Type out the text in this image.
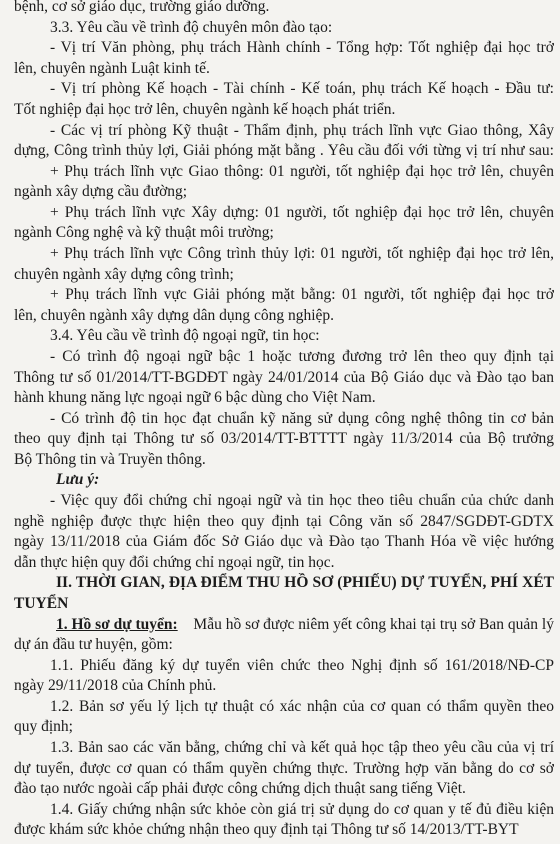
bệnh, cơ sở giáo dục, trường giáo dưỡng.
3.3. Yêu cầu về trình độ chuyên môn đào tạo:
- Vị trí Văn phòng, phụ trách Hành chính - Tổng hợp: Tốt nghiệp đại học trở
lên, chuyên ngành Luật kinh tế.
- Vị trí phòng Kế hoạch - Tài chính - Kế toán, phụ trách Kế hoạch - Đầu tư:
Tốt nghiệp đại học trở lên, chuyên ngành kế hoạch phát triển.
- Các vị trí phòng Kỹ thuật - Thẩm định, phụ trách lĩnh vực Giao thông, Xây
dựng, Công trình thủy lợi, Giải phóng mặt bằng . Yêu cầu đối với từng vị trí như sau:
+ Phụ trách lĩnh vực Giao thông: 01 người, tốt nghiệp đại học trở lên, chuyên
ngành xây dựng cầu đường;
+ Phụ trách lĩnh vực Xây dựng: 01 người, tốt nghiệp đại học trở lên, chuyên
ngành Công nghệ và kỹ thuật môi trường;
+ Phụ trách lĩnh vực Công trình thủy lợi: 01 người, tốt nghiệp đại học trở lên,
chuyên ngành xây dựng công trình;
+ Phụ trách lĩnh vực Giải phóng mặt bằng: 01 người, tốt nghiệp đại học trở
lên, chuyên ngành xây dựng dân dụng công nghiệp.
3.4. Yêu cầu về trình độ ngoại ngữ, tin học:
- Có trình độ ngoại ngữ bậc 1 hoặc tương đương trở lên theo quy định tại
Thông tư số 01/2014/TT-BGDĐT ngày 24/01/2014 của Bộ Giáo dục và Đào tạo ban
hành khung năng lực ngoại ngữ 6 bậc dùng cho Việt Nam.
- Có trình độ tin học đạt chuẩn kỹ năng sử dụng công nghệ thông tin cơ bản
theo quy định tại Thông tư số 03/2014/TT-BTTTT ngày 11/3/2014 của Bộ trưởng
Bộ Thông tin và Truyền thông.
Lưu ý:
- Việc quy đổi chứng chỉ ngoại ngữ và tin học theo tiêu chuẩn của chức danh
nghề nghiệp được thực hiện theo quy định tại Công văn số 2847/SGDĐT-GDTX
ngày 13/11/2018 của Giám đốc Sở Giáo dục và Đào tạo Thanh Hóa về việc hướng
dẫn thực hiện quy đổi chứng chỉ ngoại ngữ, tin học.
II. THỜI GIAN, ĐỊA ĐIỂM THU HỒ SƠ (PHIẾU) DỰ TUYỂN, PHÍ XÉT
TUYỂN
1. Hồ sơ dự tuyển: Mẫu hồ sơ được niêm yết công khai tại trụ sở Ban quản lý
dự án đầu tư huyện, gồm:
1.1. Phiếu đăng ký dự tuyển viên chức theo Nghị định số 161/2018/NĐ-CP
ngày 29/11/2018 của Chính phủ.
1.2. Bản sơ yếu lý lịch tự thuật có xác nhận của cơ quan có thẩm quyền theo
quy định;
1.3. Bản sao các văn bằng, chứng chỉ và kết quả học tập theo yêu cầu của vị trí
dự tuyển, được cơ quan có thẩm quyền chứng thực. Trường hợp văn bằng do cơ sở
đào tạo nước ngoài cấp phải được công chứng dịch thuật sang tiếng Việt.
1.4. Giấy chứng nhận sức khỏe còn giá trị sử dụng do cơ quan y tế đủ điều kiện
được khám sức khỏe chứng nhận theo quy định tại Thông tư số 14/2013/TT-BYT
